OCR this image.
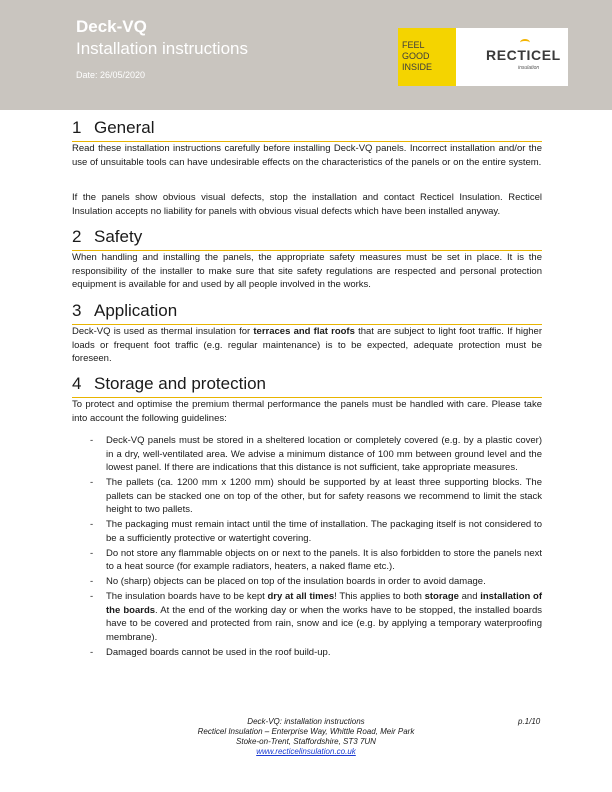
Deck-VQ
Installation instructions
Date: 26/05/2020
FEEL
GOOD
INSIDE
RECTICEL
insulation
1 General

Read these installation instructions carefully before installing Deck-VQ panels. Incorrect installation and/or the use of unsuitable tools can have undesirable effects on the characteristics of the panels or on the entire system.

If the panels show obvious visual defects, stop the installation and contact Recticel Insulation. Recticel Insulation accepts no liability for panels with obvious visual defects which have been installed anyway.

2 Safety

When handling and installing the panels, the appropriate safety measures must be set in place. It is the responsibility of the installer to make sure that site safety regulations are respected and personal protection equipment is available for and used by all people involved in the works.

3 Application

Deck-VQ is used as thermal insulation for terraces and flat roofs that are subject to light foot traffic. If higher loads or frequent foot traffic (e.g. regular maintenance) is to be expected, adequate protection must be foreseen.

4 Storage and protection

To protect and optimise the premium thermal performance the panels must be handled with care. Please take into account the following guidelines:

- Deck-VQ panels must be stored in a sheltered location or completely covered (e.g. by a plastic cover) in a dry, well-ventilated area. We advise a minimum distance of 100 mm between ground level and the lowest panel. If there are indications that this distance is not sufficient, take appropriate measures.
- The pallets (ca. 1200 mm x 1200 mm) should be supported by at least three supporting blocks. The pallets can be stacked one on top of the other, but for safety reasons we recommend to limit the stack height to two pallets.
- The packaging must remain intact until the time of installation. The packaging itself is not considered to be a sufficiently protective or watertight covering.
- Do not store any flammable objects on or next to the panels. It is also forbidden to store the panels next to a heat source (for example radiators, heaters, a naked flame etc.).
- No (sharp) objects can be placed on top of the insulation boards in order to avoid damage.
- The insulation boards have to be kept dry at all times! This applies to both storage and installation of the boards. At the end of the working day or when the works have to be stopped, the installed boards have to be covered and protected from rain, snow and ice (e.g. by applying a temporary waterproofing membrane).
- Damaged boards cannot be used in the roof build-up.
Deck-VQ: installation instructions
Recticel Insulation – Enterprise Way, Whittle Road, Meir Park
Stoke-on-Trent, Staffordshire, ST3 7UN
www.recticelinsulation.co.uk
p.1/10
